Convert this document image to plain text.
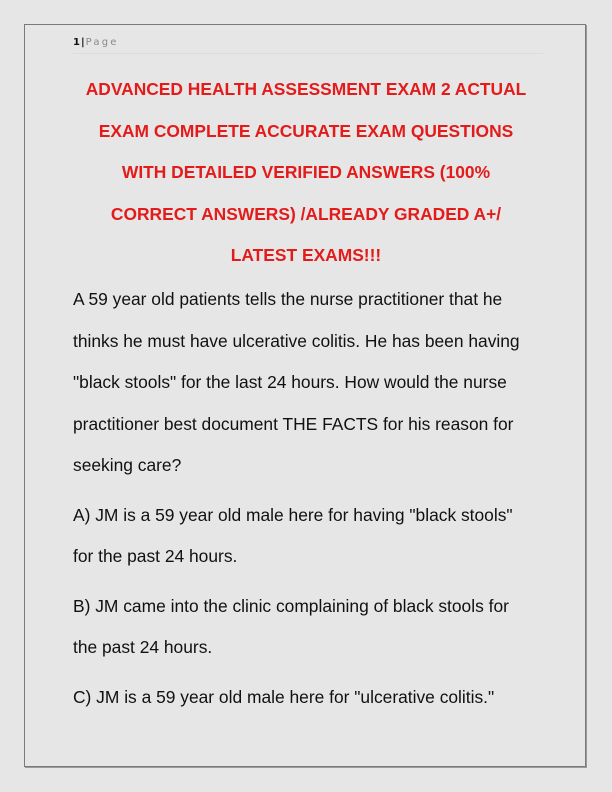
1|Page
ADVANCED HEALTH ASSESSMENT EXAM 2 ACTUAL
EXAM COMPLETE ACCURATE EXAM QUESTIONS
WITH DETAILED VERIFIED ANSWERS (100%
CORRECT ANSWERS) /ALREADY GRADED A+/
LATEST EXAMS!!!

A 59 year old patients tells the nurse practitioner that he
thinks he must have ulcerative colitis. He has been having
"black stools" for the last 24 hours. How would the nurse
practitioner best document THE FACTS for his reason for
seeking care?

A) JM is a 59 year old male here for having "black stools"
for the past 24 hours.

B) JM came into the clinic complaining of black stools for
the past 24 hours.

C) JM is a 59 year old male here for "ulcerative colitis."
